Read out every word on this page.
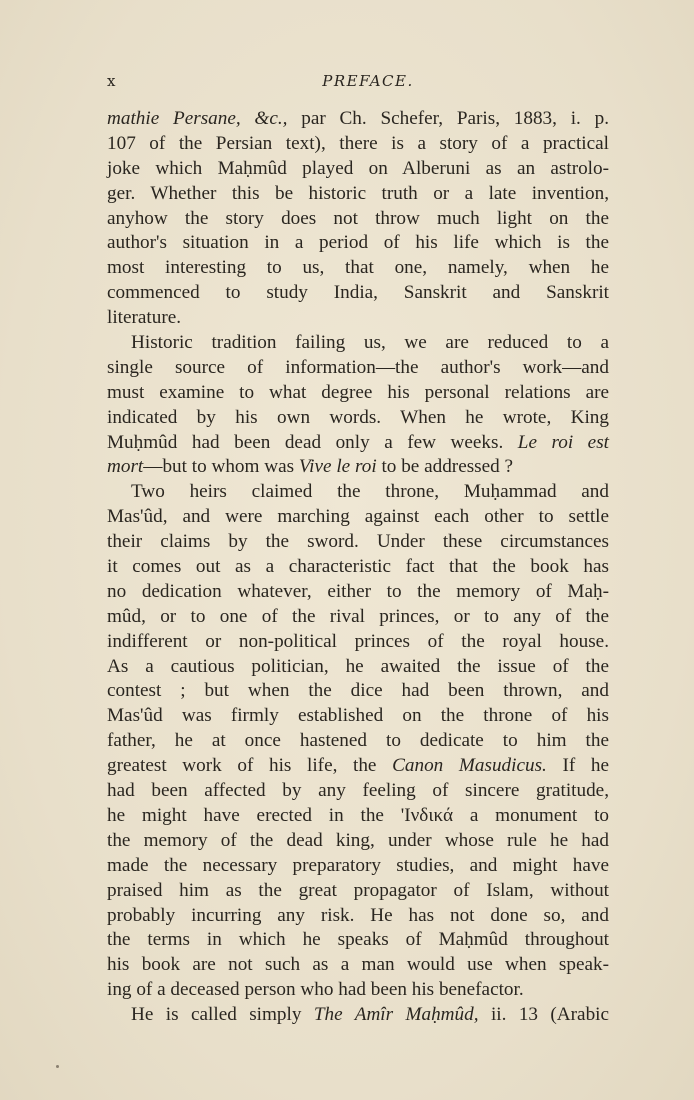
x	PREFACE.
mathie Persane, &c., par Ch. Schefer, Paris, 1883, i. p.
107 of the Persian text), there is a story of a practical
joke which Maḥmûd played on Alberuni as an astrolo-
ger. Whether this be historic truth or a late invention,
anyhow the story does not throw much light on the
author's situation in a period of his life which is the
most interesting to us, that one, namely, when he
commenced to study India, Sanskrit and Sanskrit
literature.
Historic tradition failing us, we are reduced to a
single source of information—the author's work—and
must examine to what degree his personal relations are
indicated by his own words. When he wrote, King
Muḥmûd had been dead only a few weeks. Le roi est
mort—but to whom was Vive le roi to be addressed ?
Two heirs claimed the throne, Muḥammad and
Mas'ûd, and were marching against each other to settle
their claims by the sword. Under these circumstances
it comes out as a characteristic fact that the book has
no dedication whatever, either to the memory of Maḥ-
mûd, or to one of the rival princes, or to any of the
indifferent or non-political princes of the royal house.
As a cautious politician, he awaited the issue of the
contest ; but when the dice had been thrown, and
Mas'ûd was firmly established on the throne of his
father, he at once hastened to dedicate to him the
greatest work of his life, the Canon Masudicus. If he
had been affected by any feeling of sincere gratitude,
he might have erected in the 'Ινδικά a monument to
the memory of the dead king, under whose rule he had
made the necessary preparatory studies, and might have
praised him as the great propagator of Islam, without
probably incurring any risk. He has not done so, and
the terms in which he speaks of Maḥmûd throughout
his book are not such as a man would use when speak-
ing of a deceased person who had been his benefactor.
He is called simply The Amîr Maḥmûd, ii. 13 (Arabic
